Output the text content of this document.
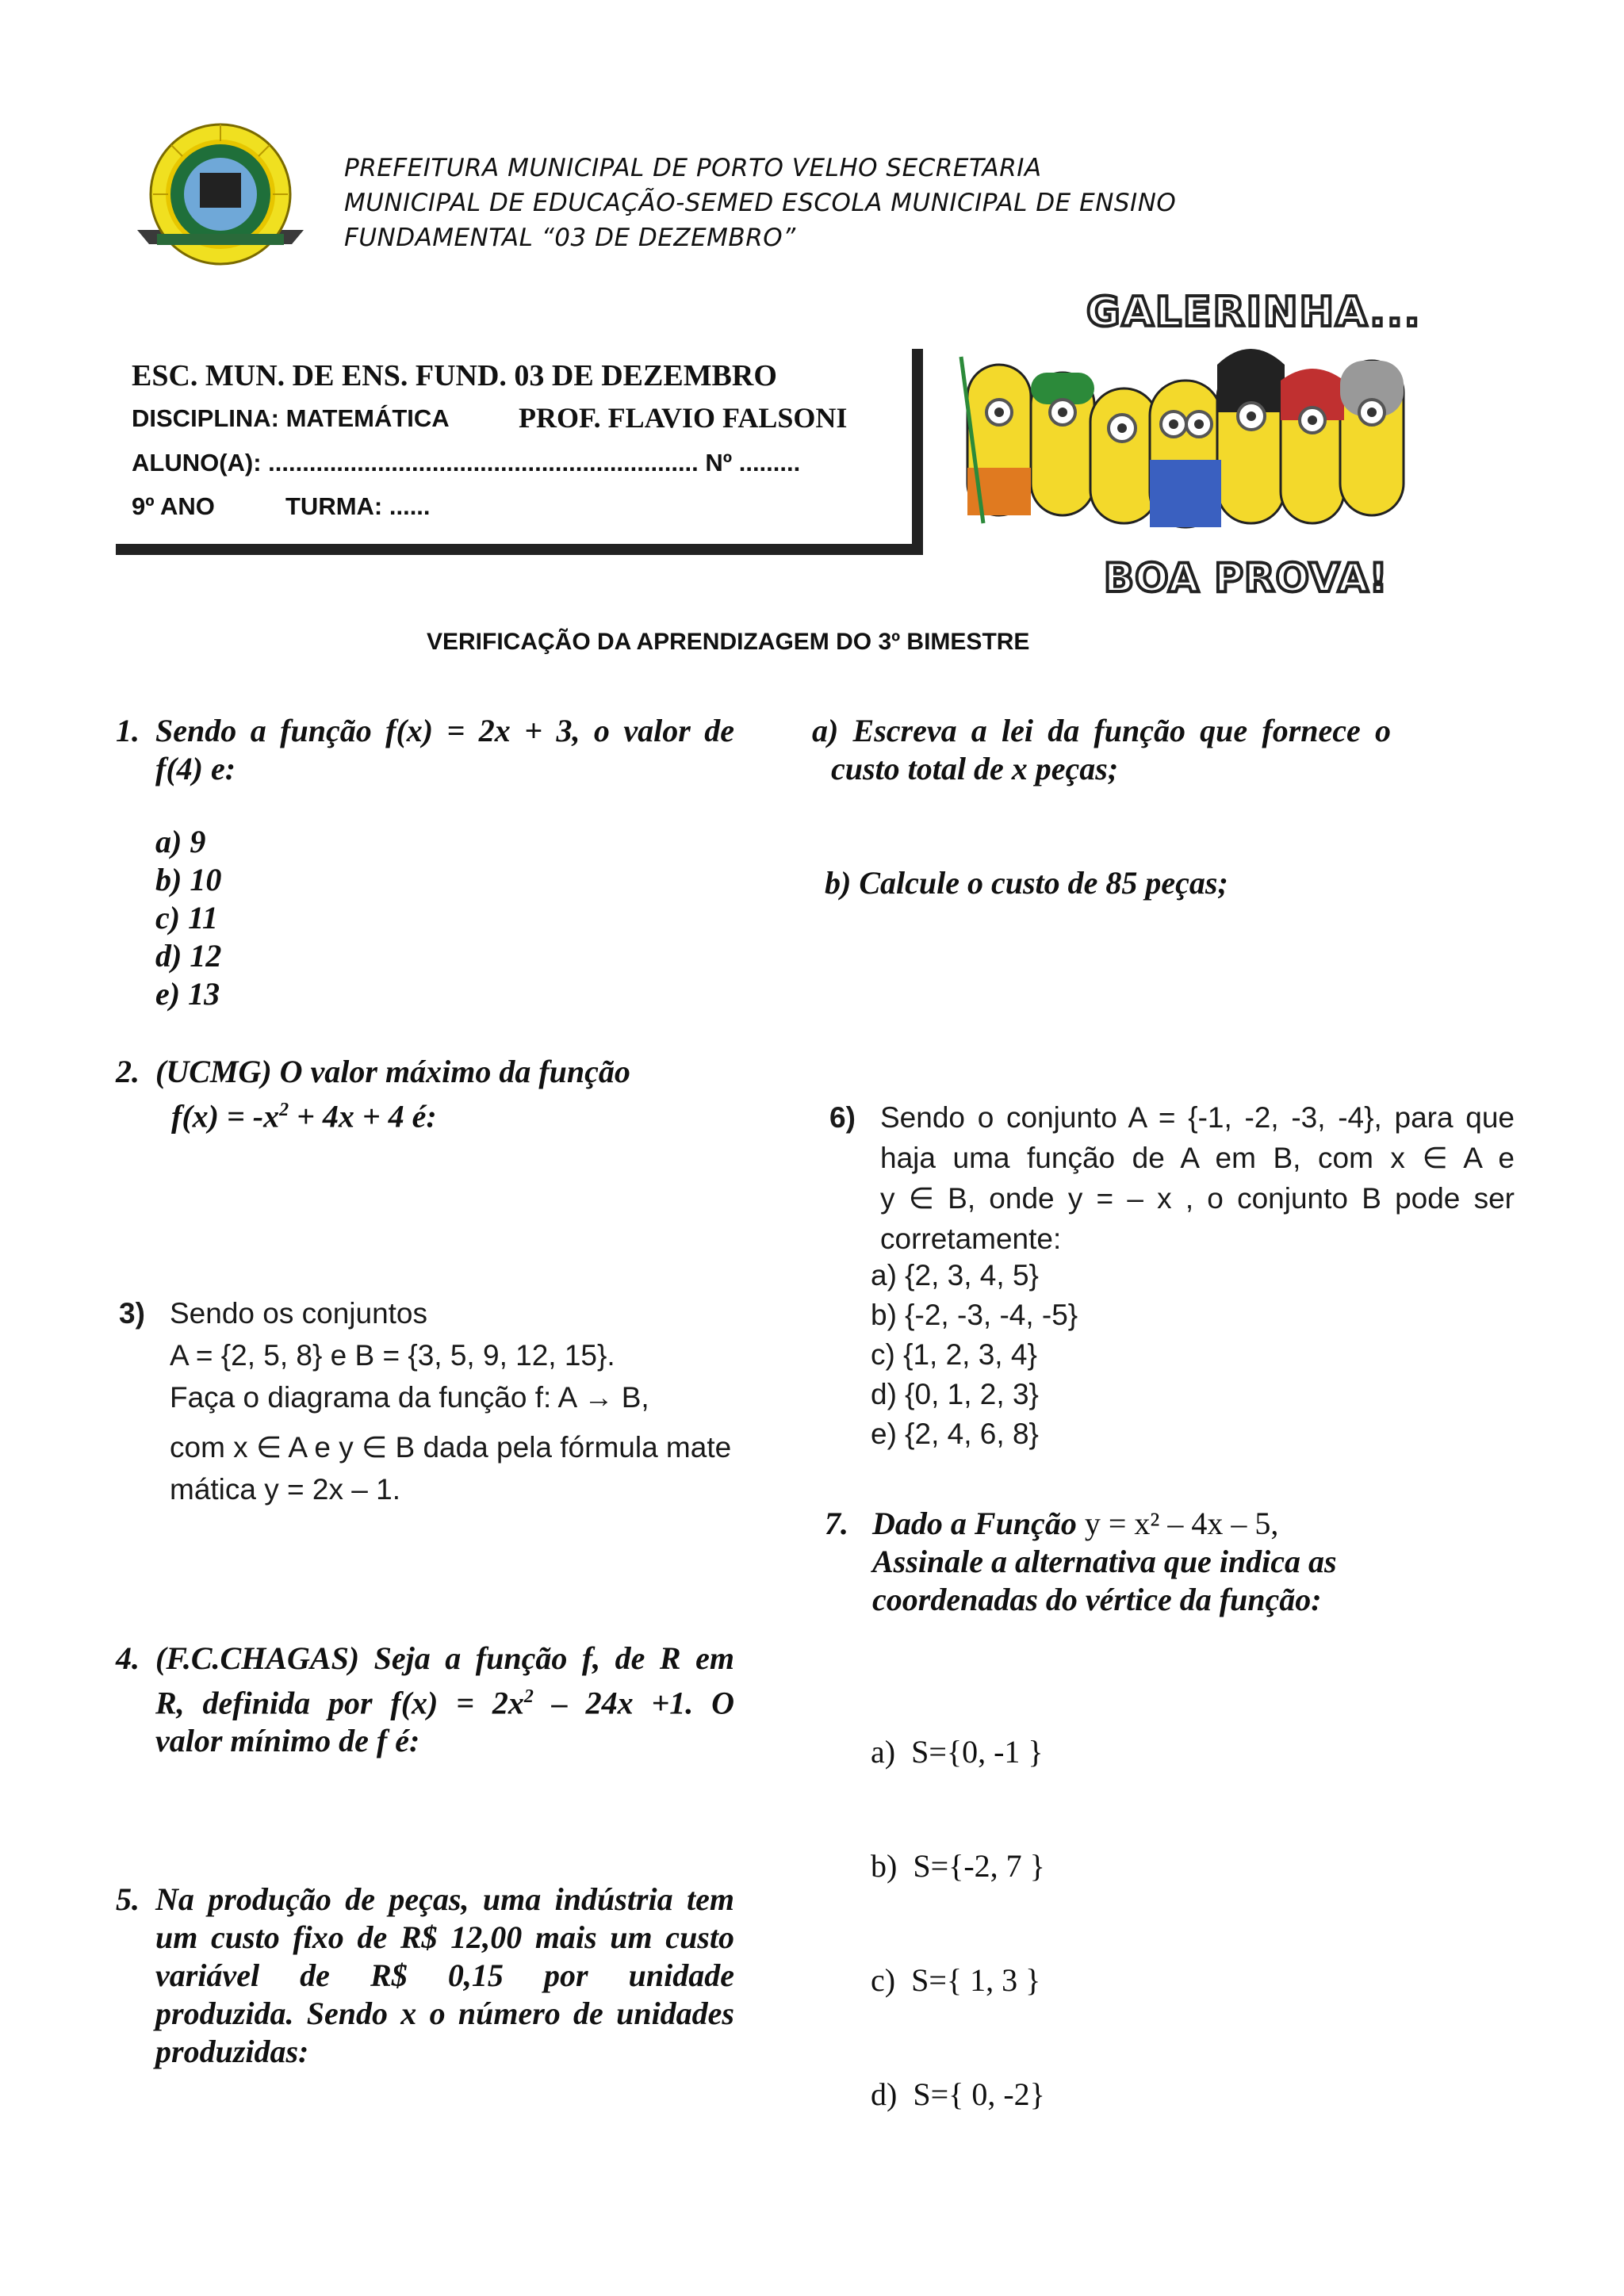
PREFEITURA MUNICIPAL DE PORTO VELHO SECRETARIA
MUNICIPAL DE EDUCAÇÃO-SEMED ESCOLA MUNICIPAL DE ENSINO
FUNDAMENTAL “03 DE DEZEMBRO”
ESC. MUN. DE ENS. FUND. 03 DE DEZEMBRO
DISCIPLINA: MATEMÁTICA PROF. FLAVIO FALSONI
ALUNO(A): ............................................................... Nº .........
9º ANO	TURMA: ......
GALERINHA...
BOA PROVA!
VERIFICAÇÃO DA APRENDIZAGEM DO 3º BIMESTRE
1. Sendo a função f(x) = 2x + 3, o valor de
f(4) e:
a) 9
b) 10
c) 11
d) 12
e) 13
2. (UCMG) O valor máximo da função
$f(x) = -x^2 + 4x + 4$ é:
3) Sendo os conjuntos
A = {2, 5, 8} e B = {3, 5, 9, 12, 15}.
Faça o diagrama da função f: A → B,
com x ∈ A e y ∈ B dada pela fórmula mate
mática y = 2x – 1.
4. (F.C.CHAGAS) Seja a função f, de R em
R, definida por $f(x) = 2x^2 - 24x +1$. O
valor mínimo de f é:
5. Na produção de peças, uma indústria tem
um custo fixo de R$ 12,00 mais um custo
variável de R$ 0,15 por unidade
produzida. Sendo x o número de unidades
produzidas:
a) Escreva a lei da função que fornece o
custo total de x peças;
b) Calcule o custo de 85 peças;
6) Sendo o conjunto A = {-1, -2, -3, -4}, para que
haja uma função de A em B, com x ∈ A e
y ∈ B, onde y = – x , o conjunto B pode ser
corretamente:
a) {2, 3, 4, 5}
b) {-2, -3, -4, -5}
c) {1, 2, 3, 4}
d) {0, 1, 2, 3}
e) {2, 4, 6, 8}
7. Dado a Função y = x² – 4x – 5,
Assinale a alternativa que indica as
coordenadas do vértice da função:

a)  S={0, -1 }

b)  S={-2, 7 }

c)  S={ 1, 3 }

d)  S={ 0, -2}
